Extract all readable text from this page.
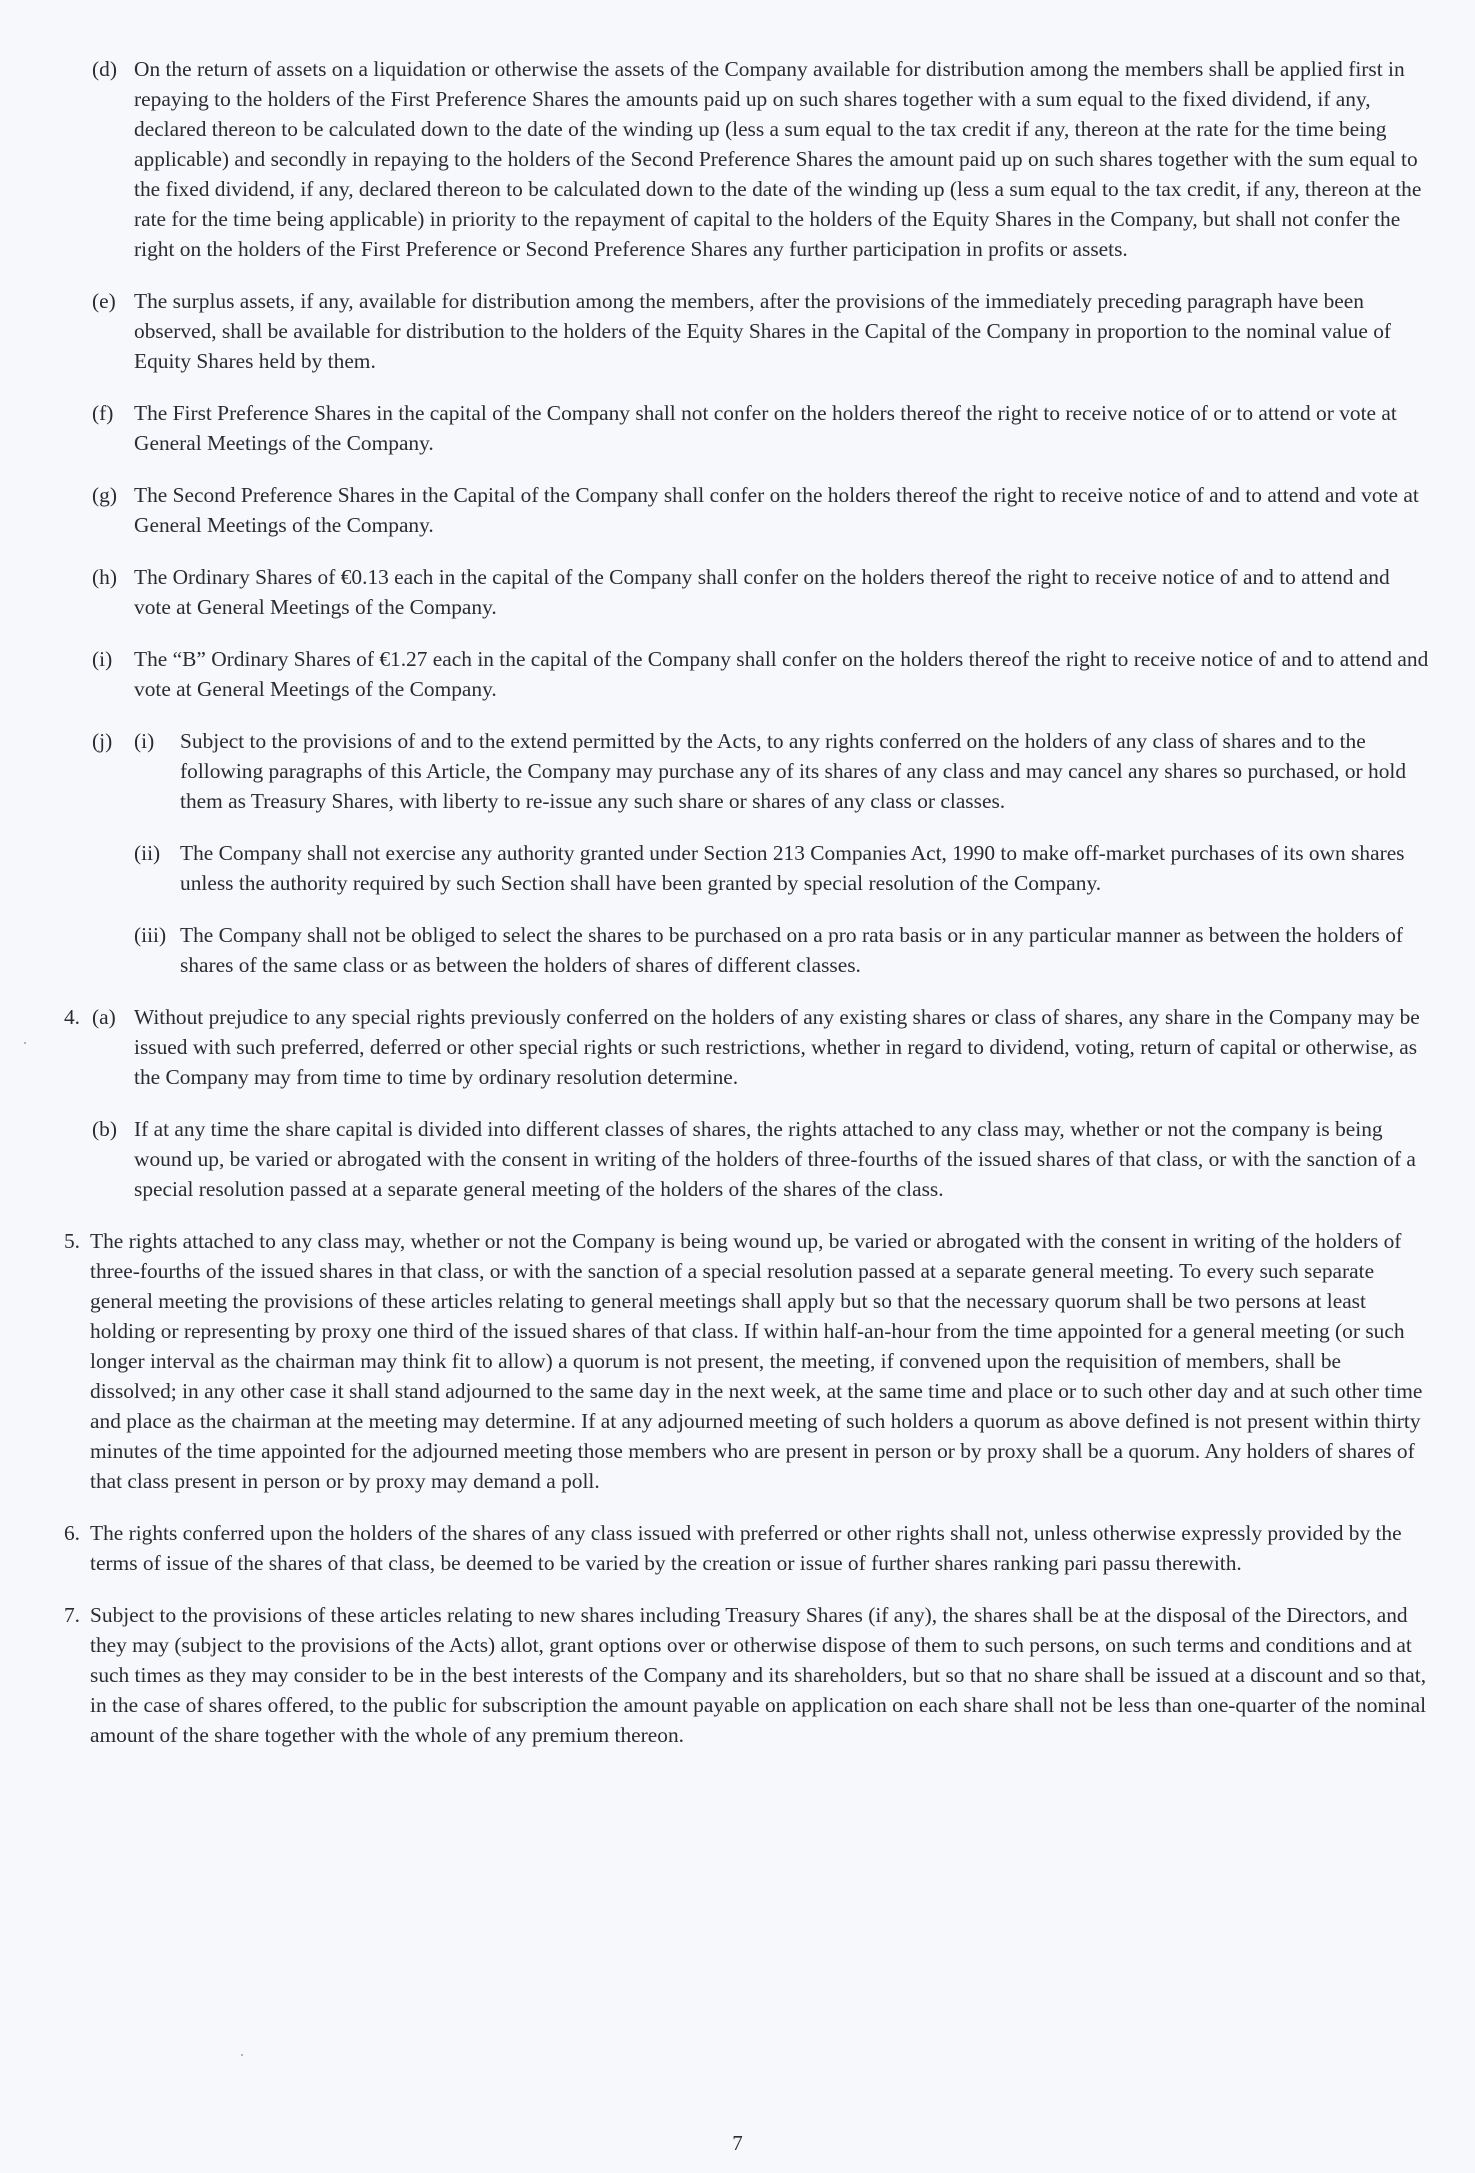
(d) On the return of assets on a liquidation or otherwise the assets of the Company available for distribution among the members shall be applied first in repaying to the holders of the First Preference Shares the amounts paid up on such shares together with a sum equal to the fixed dividend, if any, declared thereon to be calculated down to the date of the winding up (less a sum equal to the tax credit if any, thereon at the rate for the time being applicable) and secondly in repaying to the holders of the Second Preference Shares the amount paid up on such shares together with the sum equal to the fixed dividend, if any, declared thereon to be calculated down to the date of the winding up (less a sum equal to the tax credit, if any, thereon at the rate for the time being applicable) in priority to the repayment of capital to the holders of the Equity Shares in the Company, but shall not confer the right on the holders of the First Preference or Second Preference Shares any further participation in profits or assets.
(e) The surplus assets, if any, available for distribution among the members, after the provisions of the immediately preceding paragraph have been observed, shall be available for distribution to the holders of the Equity Shares in the Capital of the Company in proportion to the nominal value of Equity Shares held by them.
(f) The First Preference Shares in the capital of the Company shall not confer on the holders thereof the right to receive notice of or to attend or vote at General Meetings of the Company.
(g) The Second Preference Shares in the Capital of the Company shall confer on the holders thereof the right to receive notice of and to attend and vote at General Meetings of the Company.
(h) The Ordinary Shares of €0.13 each in the capital of the Company shall confer on the holders thereof the right to receive notice of and to attend and vote at General Meetings of the Company.
(i)	The “B” Ordinary Shares of €1.27 each in the capital of the Company shall confer on the holders thereof the right to receive notice of and to attend and vote at General Meetings of the Company.
(j)	(i)	Subject to the provisions of and to the extend permitted by the Acts, to any rights conferred on the holders of any class of shares and to the following paragraphs of this Article, the Company may purchase any of its shares of any class and may cancel any shares so purchased, or hold them as Treasury Shares, with liberty to re-issue any such share or shares of any class or classes.
(ii) The Company shall not exercise any authority granted under Section 213 Companies Act, 1990 to make off-market purchases of its own shares unless the authority required by such Section shall have been granted by special resolution of the Company.
(iii) The Company shall not be obliged to select the shares to be purchased on a pro rata basis or in any particular manner as between the holders of shares of the same class or as between the holders of shares of different classes.
4. (a) Without prejudice to any special rights previously conferred on the holders of any existing shares or class of shares, any share in the Company may be issued with such preferred, deferred or other special rights or such restrictions, whether in regard to dividend, voting, return of capital or otherwise, as the Company may from time to time by ordinary resolution determine.
(b) If at any time the share capital is divided into different classes of shares, the rights attached to any class may, whether or not the company is being wound up, be varied or abrogated with the consent in writing of the holders of three-fourths of the issued shares of that class, or with the sanction of a special resolution passed at a separate general meeting of the holders of the shares of the class.
5. The rights attached to any class may, whether or not the Company is being wound up, be varied or abrogated with the consent in writing of the holders of three-fourths of the issued shares in that class, or with the sanction of a special resolution passed at a separate general meeting. To every such separate general meeting the provisions of these articles relating to general meetings shall apply but so that the necessary quorum shall be two persons at least holding or representing by proxy one third of the issued shares of that class. If within half-an-hour from the time appointed for a general meeting (or such longer interval as the chairman may think fit to allow) a quorum is not present, the meeting, if convened upon the requisition of members, shall be dissolved; in any other case it shall stand adjourned to the same day in the next week, at the same time and place or to such other day and at such other time and place as the chairman at the meeting may determine. If at any adjourned meeting of such holders a quorum as above defined is not present within thirty minutes of the time appointed for the adjourned meeting those members who are present in person or by proxy shall be a quorum. Any holders of shares of that class present in person or by proxy may demand a poll.
6. The rights conferred upon the holders of the shares of any class issued with preferred or other rights shall not, unless otherwise expressly provided by the terms of issue of the shares of that class, be deemed to be varied by the creation or issue of further shares ranking pari passu therewith.
7. Subject to the provisions of these articles relating to new shares including Treasury Shares (if any), the shares shall be at the disposal of the Directors, and they may (subject to the provisions of the Acts) allot, grant options over or otherwise dispose of them to such persons, on such terms and conditions and at such times as they may consider to be in the best interests of the Company and its shareholders, but so that no share shall be issued at a discount and so that, in the case of shares offered, to the public for subscription the amount payable on application on each share shall not be less than one-quarter of the nominal amount of the share together with the whole of any premium thereon.
7
